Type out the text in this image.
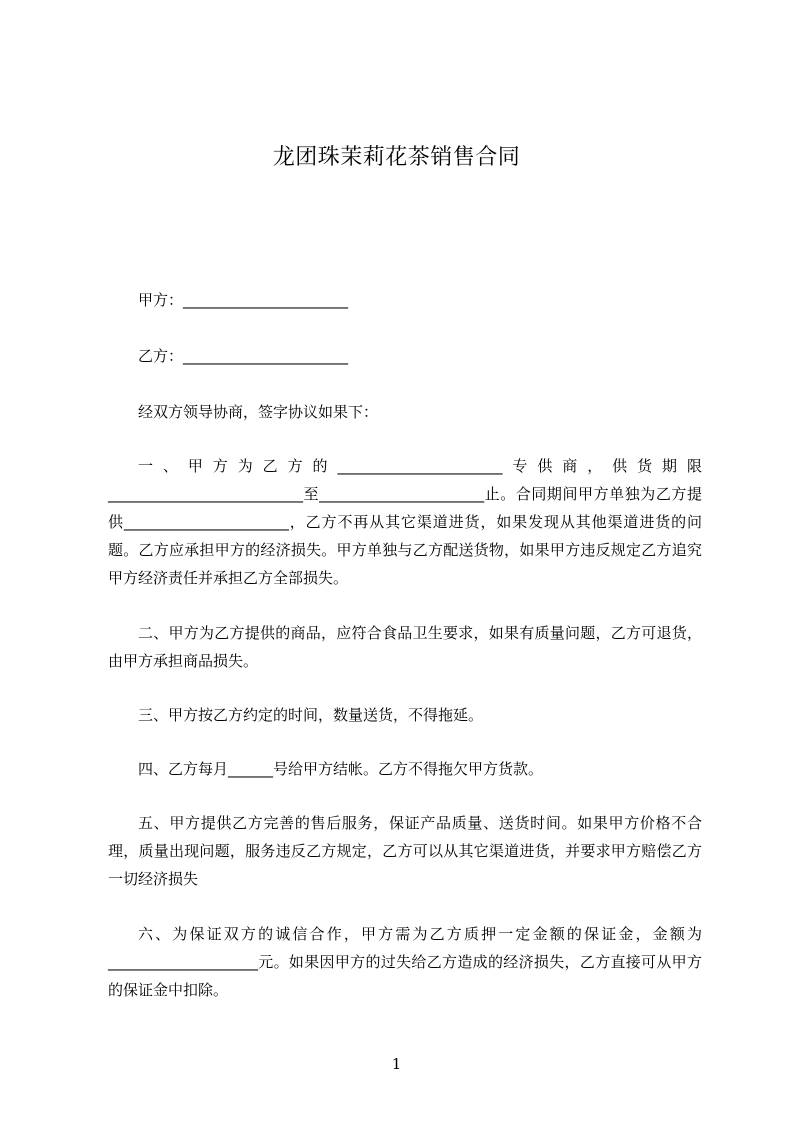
龙团珠茉莉花茶销售合同

甲方：______________________

乙方：______________________

经双方领导协商，签字协议如果下：

一、甲方为乙方的______________________专供商，供货期限__________________________至______________________止。合同期间甲方单独为乙方提供______________________，乙方不再从其它渠道进货，如果发现从其他渠道进货的问题。乙方应承担甲方的经济损失。甲方单独与乙方配送货物，如果甲方违反规定乙方追究甲方经济责任并承担乙方全部损失。

二、甲方为乙方提供的商品，应符合食品卫生要求，如果有质量问题，乙方可退货，由甲方承担商品损失。

三、甲方按乙方约定的时间，数量送货，不得拖延。

四、乙方每月______号给甲方结帐。乙方不得拖欠甲方货款。

五、甲方提供乙方完善的售后服务，保证产品质量、送货时间。如果甲方价格不合理，质量出现问题，服务违反乙方规定，乙方可以从其它渠道进货，并要求甲方赔偿乙方一切经济损失

六、为保证双方的诚信合作，甲方需为乙方质押一定金额的保证金，金额为____________________元。如果因甲方的过失给乙方造成的经济损失，乙方直接可从甲方的保证金中扣除。

1
